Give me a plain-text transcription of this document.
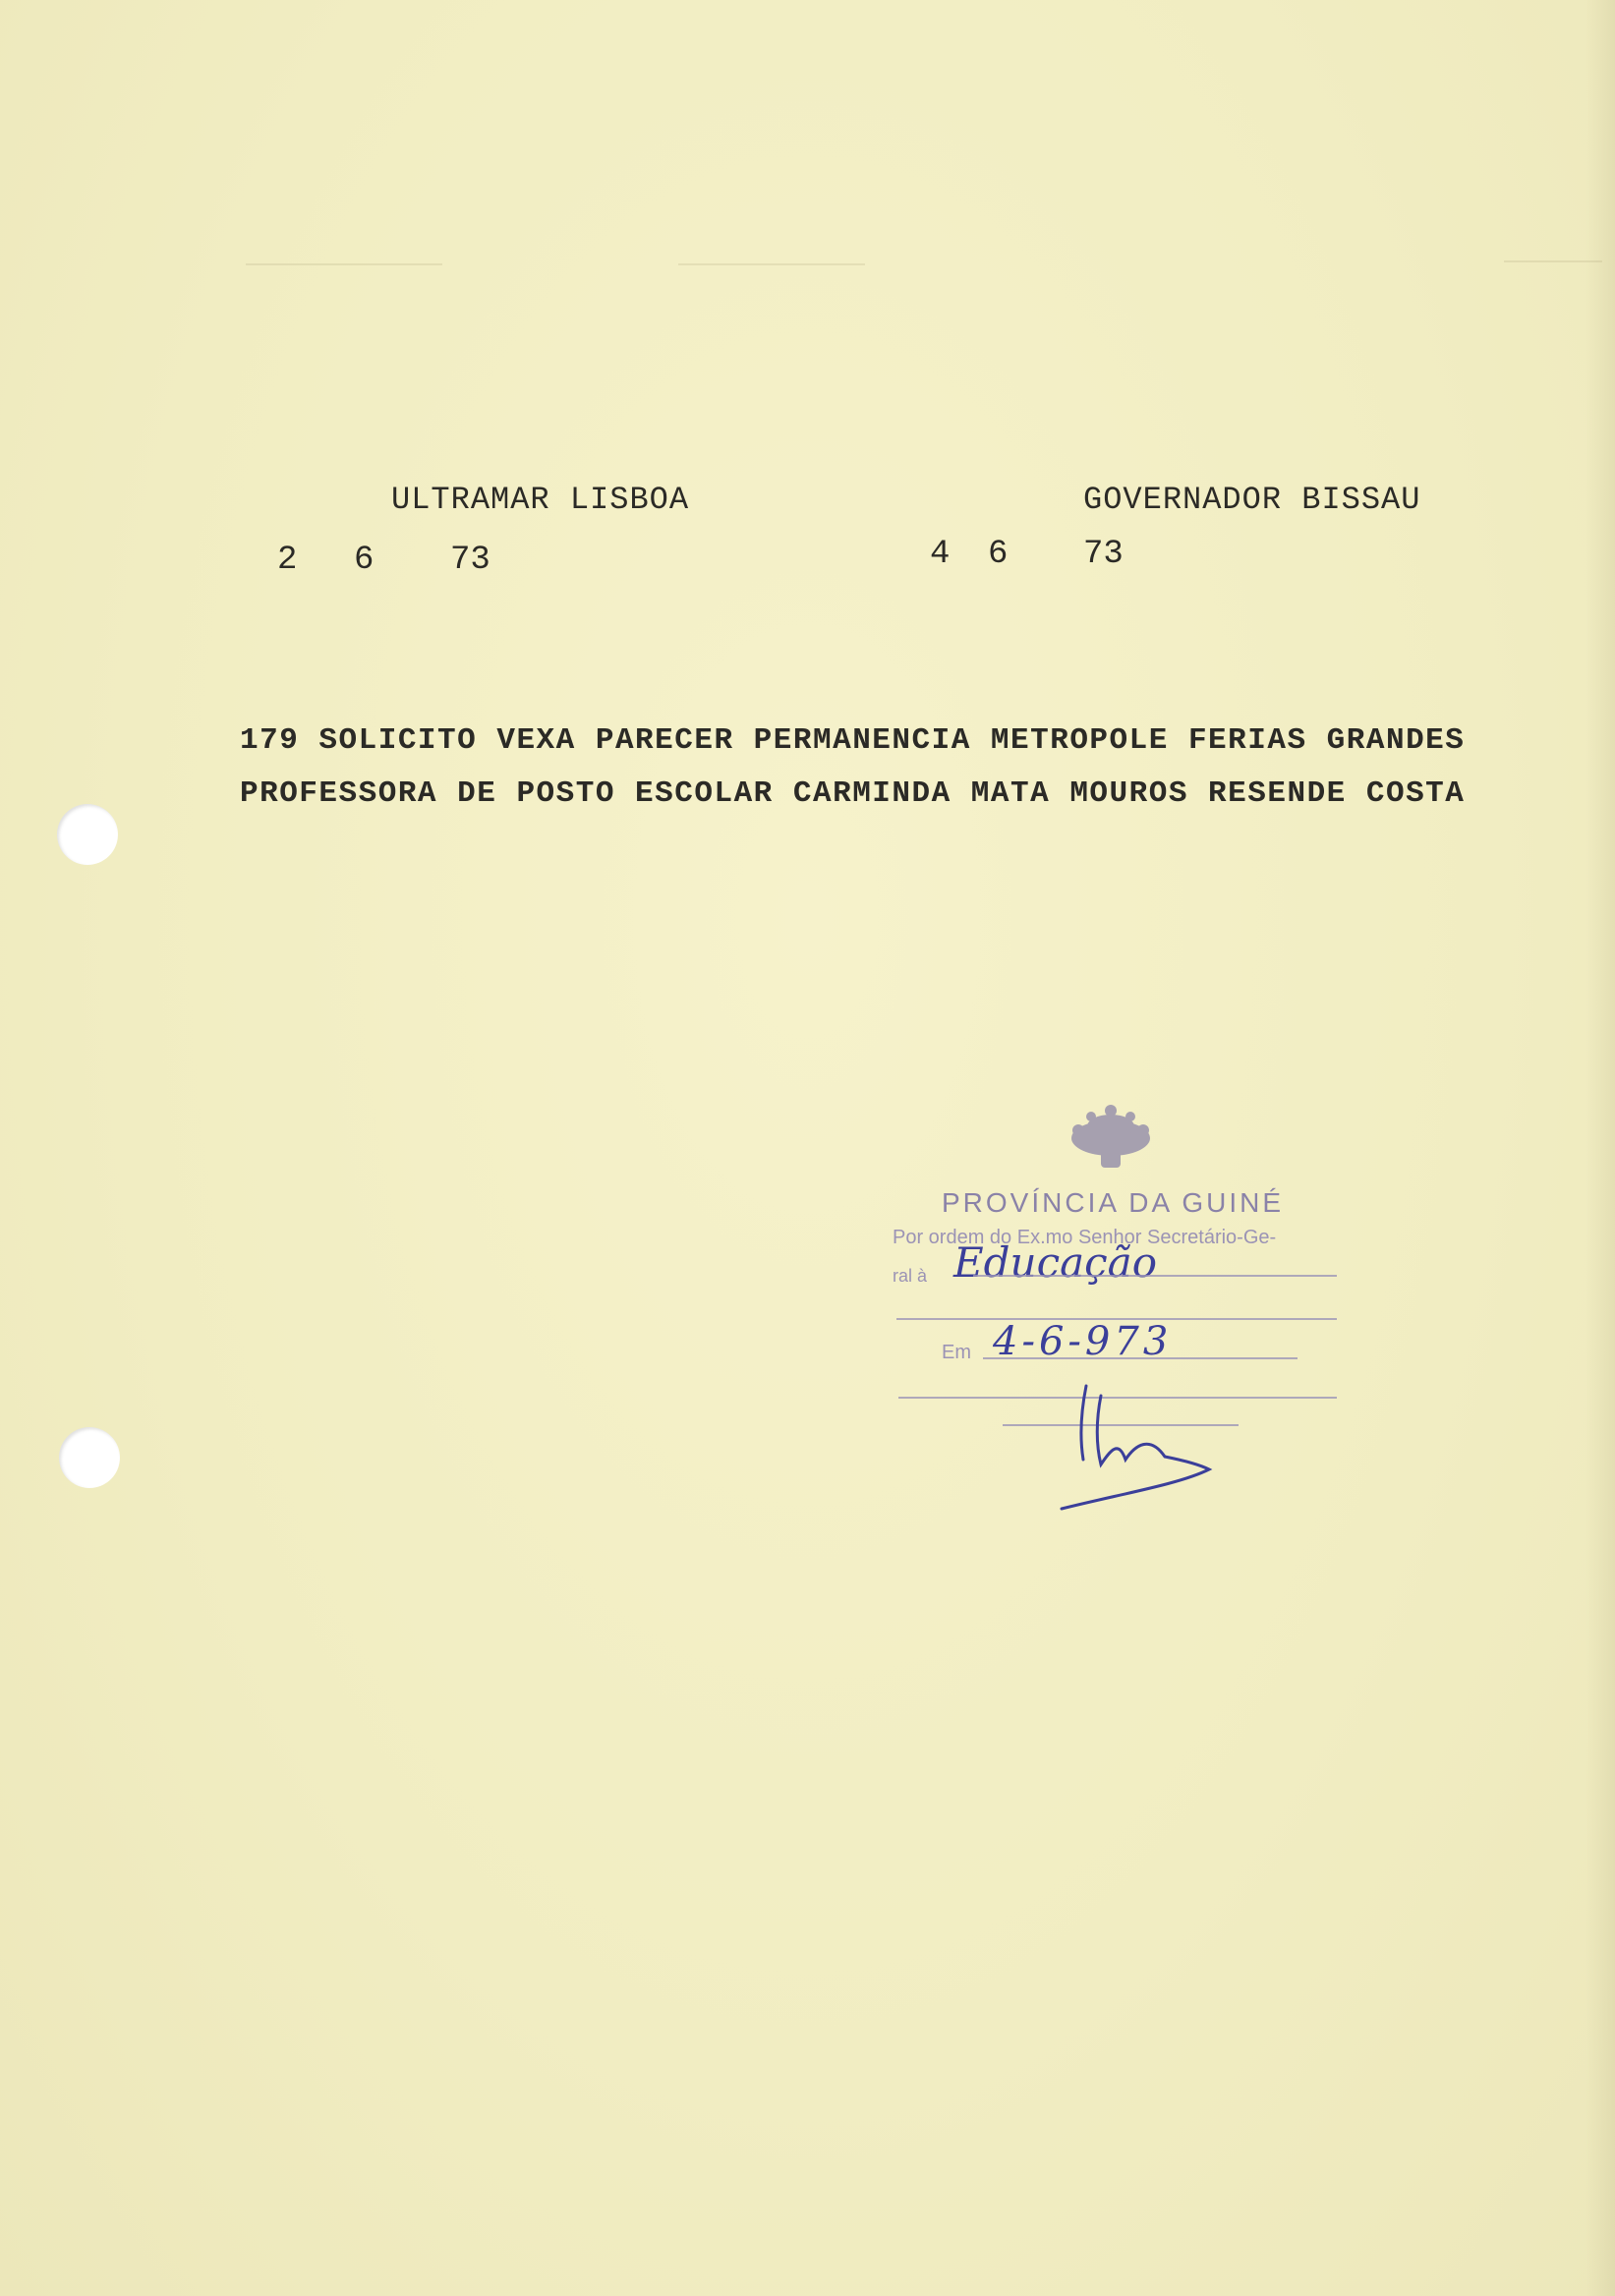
ULTRAMAR LISBOA	GOVERNADOR BISSAU
2 6 73	4 6 73
179 SOLICITO VEXA PARECER PERMANENCIA METROPOLE FERIAS GRANDES
PROFESSORA DE POSTO ESCOLAR CARMINDA MATA MOUROS RESENDE COSTA
PROVÍNCIA DA GUINÉ
Por ordem do Ex.mo Senhor Secretário-Ge-
ral à Educação
Em 4-6-973
